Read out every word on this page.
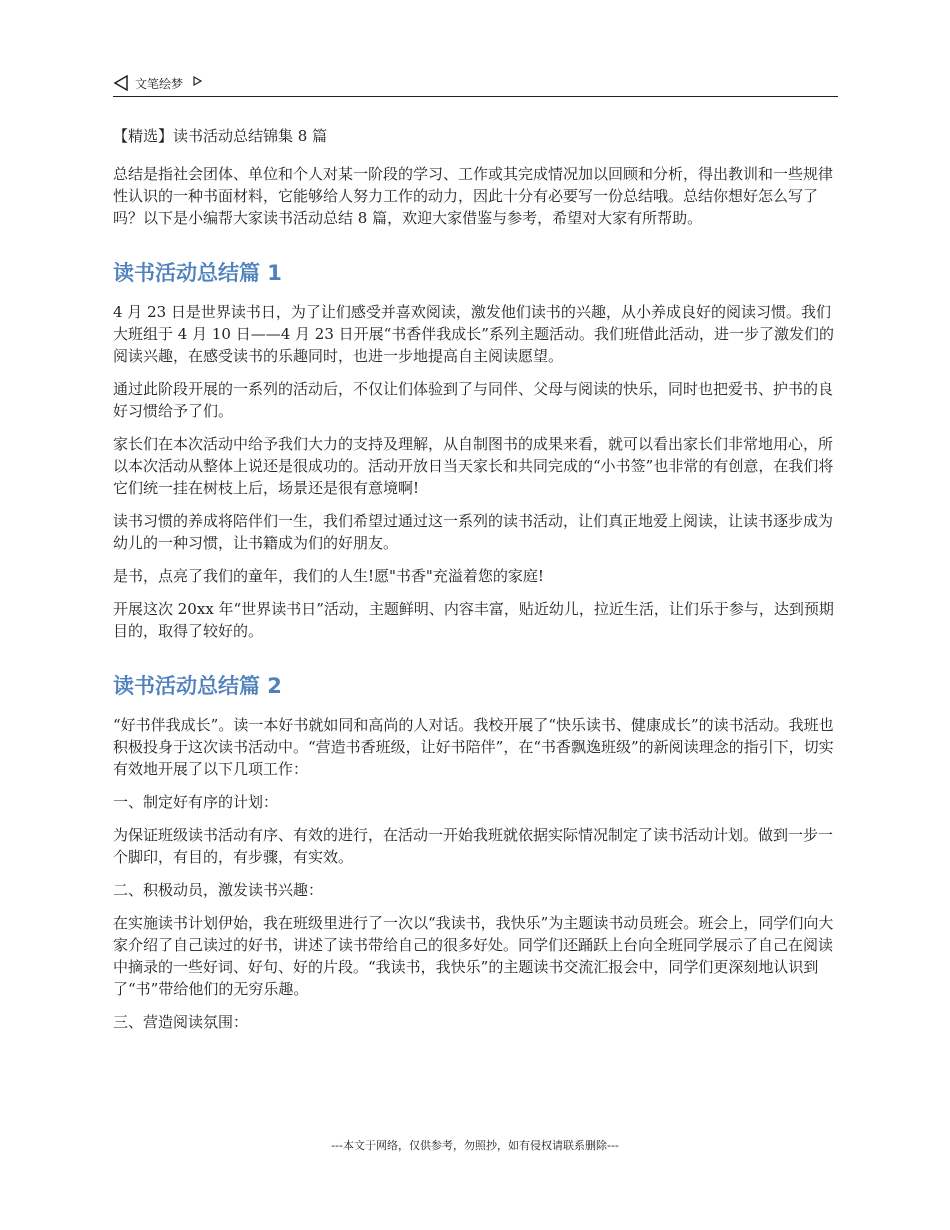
文笔绘梦
【精选】读书活动总结锦集 8 篇

总结是指社会团体、单位和个人对某一阶段的学习、工作或其完成情况加以回顾和分析，得出教训和一些规律性认识的一种书面材料，它能够给人努力工作的动力，因此十分有必要写一份总结哦。总结你想好怎么写了吗？以下是小编帮大家读书活动总结 8 篇，欢迎大家借鉴与参考，希望对大家有所帮助。

读书活动总结篇 1

4 月 23 日是世界读书日，为了让们感受并喜欢阅读，激发他们读书的兴趣，从小养成良好的阅读习惯。我们大班组于 4 月 10 日——4 月 23 日开展“书香伴我成长”系列主题活动。我们班借此活动，进一步了激发们的阅读兴趣，在感受读书的乐趣同时，也进一步地提高自主阅读愿望。

通过此阶段开展的一系列的活动后，不仅让们体验到了与同伴、父母与阅读的快乐，同时也把爱书、护书的良好习惯给予了们。

家长们在本次活动中给予我们大力的支持及理解，从自制图书的成果来看，就可以看出家长们非常地用心，所以本次活动从整体上说还是很成功的。活动开放日当天家长和共同完成的“小书签”也非常的有创意，在我们将它们统一挂在树枝上后，场景还是很有意境啊!

读书习惯的养成将陪伴们一生，我们希望过通过这一系列的读书活动，让们真正地爱上阅读，让读书逐步成为幼儿的一种习惯，让书籍成为们的好朋友。

是书，点亮了我们的童年，我们的人生!愿"书香"充溢着您的家庭!

开展这次 20xx 年“世界读书日”活动，主题鲜明、内容丰富，贴近幼儿，拉近生活，让们乐于参与，达到预期目的，取得了较好的。

读书活动总结篇 2

“好书伴我成长”。读一本好书就如同和高尚的人对话。我校开展了“快乐读书、健康成长”的读书活动。我班也积极投身于这次读书活动中。“营造书香班级，让好书陪伴”，在“书香飘逸班级”的新阅读理念的指引下，切实有效地开展了以下几项工作：

一、制定好有序的计划：

为保证班级读书活动有序、有效的进行，在活动一开始我班就依据实际情况制定了读书活动计划。做到一步一个脚印，有目的，有步骤，有实效。

二、积极动员，激发读书兴趣：

在实施读书计划伊始，我在班级里进行了一次以“我读书，我快乐”为主题读书动员班会。班会上，同学们向大家介绍了自己读过的好书，讲述了读书带给自己的很多好处。同学们还踊跃上台向全班同学展示了自己在阅读中摘录的一些好词、好句、好的片段。“我读书，我快乐”的主题读书交流汇报会中，同学们更深刻地认识到了“书”带给他们的无穷乐趣。

三、营造阅读氛围：

---本文于网络，仅供参考，勿照抄，如有侵权请联系删除---
